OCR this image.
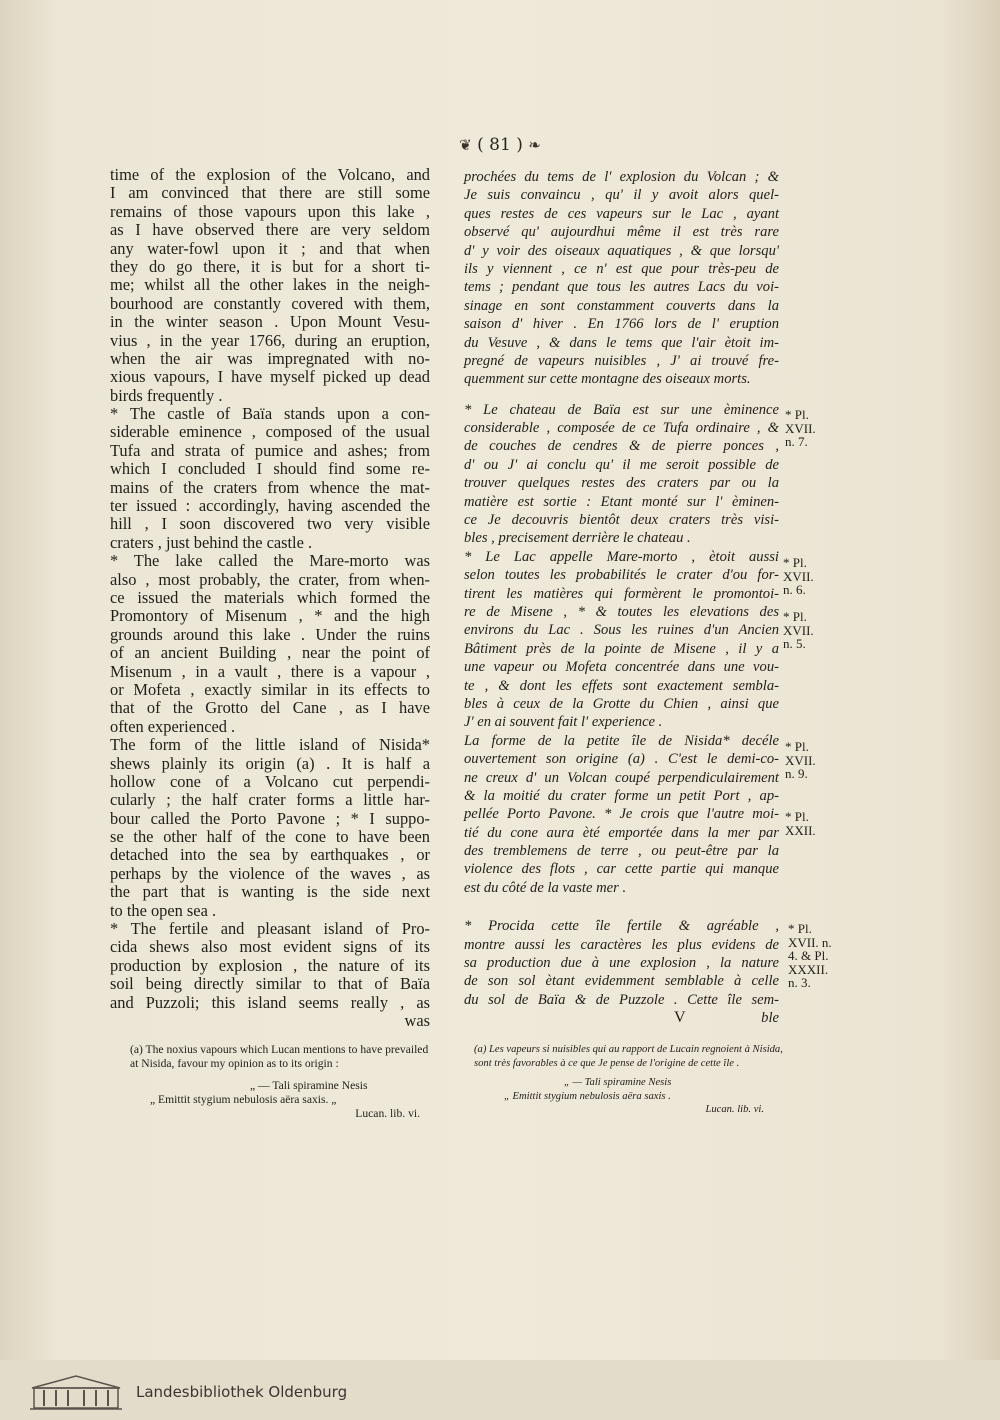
❦ ( 81 ) ❧
time of the explosion of the Volcano, and
I am convinced that there are still some
remains of those vapours upon this lake ,
as I have observed there are very seldom
any water-fowl upon it ; and that when
they do go there, it is but for a short ti-
me; whilst all the other lakes in the neigh-
bourhood are constantly covered with them,
in the winter season . Upon Mount Vesu-
vius , in the year 1766, during an eruption,
when the air was impregnated with no-
xious vapours, I have myself picked up dead
birds frequently .
* The castle of Baïa stands upon a con-
siderable eminence , composed of the usual
Tufa and strata of pumice and ashes; from
which I concluded I should find some re-
mains of the craters from whence the mat-
ter issued : accordingly, having ascended the
hill , I soon discovered two very visible
craters , just behind the castle .
* The lake called the Mare-morto was
also , most probably, the crater, from when-
ce issued the materials which formed the
Promontory of Misenum , * and the high
grounds around this lake . Under the ruins
of an ancient Building , near the point of
Misenum , in a vault , there is a vapour ,
or Mofeta , exactly similar in its effects to
that of the Grotto del Cane , as I have
often experienced .
The form of the little island of Nisida*
shews plainly its origin (a) . It is half a
hollow cone of a Volcano cut perpendi-
cularly ; the half crater forms a little har-
bour called the Porto Pavone ; * I suppo-
se the other half of the cone to have been
detached into the sea by earthquakes , or
perhaps by the violence of the waves , as
the part that is wanting is the side next
to the open sea .
* The fertile and pleasant island of Pro-
cida shews also most evident signs of its
production by explosion , the nature of its
soil being directly similar to that of Baïa
and Puzzoli; this island seems really , as
was
prochées du tems de l' explosion du Volcan ; &
Je suis convaincu , qu' il y avoit alors quel-
ques restes de ces vapeurs sur le Lac , ayant
observé qu' aujourdhui même il est très rare
d' y voir des oiseaux aquatiques , & que lorsqu'
ils y viennent , ce n' est que pour très-peu de
tems ; pendant que tous les autres Lacs du voi-
sinage en sont constamment couverts dans la
saison d' hiver . En 1766 lors de l' eruption
du Vesuve , & dans le tems que l'air ètoit im-
pregné de vapeurs nuisibles , J' ai trouvé fre-
quemment sur cette montagne des oiseaux morts.
* Le chateau de Baïa est sur une èminence
considerable , composée de ce Tufa ordinaire , &
de couches de cendres & de pierre ponces ,
d' ou J' ai conclu qu' il me seroit possible de
trouver quelques restes des craters par ou la
matière est sortie : Etant monté sur l' èminen-
ce Je decouvris bientôt deux craters très visi-
bles , precisement derrière le chateau .
* Le Lac appelle Mare-morto , ètoit aussi
selon toutes les probabilités le crater d'ou for-
tirent les matières qui formèrent le promontoi-
re de Misene , * & toutes les elevations des
environs du Lac . Sous les ruines d'un Ancien
Bâtiment près de la pointe de Misene , il y a
une vapeur ou Mofeta concentrée dans une vou-
te , & dont les effets sont exactement sembla-
bles à ceux de la Grotte du Chien , ainsi que
J' en ai souvent fait l' experience .
La forme de la petite île de Nisida* decéle
ouvertement son origine (a) . C'est le demi-co-
ne creux d' un Volcan coupé perpendiculairement
& la moitié du crater forme un petit Port , ap-
pellée Porto Pavone. * Je crois que l'autre moi-
tié du cone aura èté emportée dans la mer par
des tremblemens de terre , ou peut-être par la
violence des flots , car cette partie qui manque
est du côté de la vaste mer .
* Procida cette île fertile & agréable ,
montre aussi les caractères les plus evidens de
sa production due à une explosion , la nature
de son sol ètant evidemment semblable à celle
du sol de Baïa & de Puzzole . Cette île sem-
V	ble
* Pl.
XVII.
n. 7.
* Pl.
XVII.
n. 6.
* Pl.
XVII.
n. 5.
* Pl.
XVII.
n. 9.
* Pl.
XXII.
* Pl.
XVII. n.
4. & Pl.
XXXII.
n. 3.
(a) The noxius vapours which Lucan mentions to have prevailed at Nisida, favour my opinion as to its origin :
„ — Tali spiramine Nesis
„ Emittit stygium nebulosis aëra saxis. „
Lucan. lib. vi.
(a) Les vapeurs si nuisibles qui au rapport de Lucain regnoient à Nisida, sont très favorables à ce que Je pense de l'origine de cette île .
„ — Tali spiramine Nesis
„ Emittit stygium nebulosis aëra saxis .
Lucan. lib. vi.
Landesbibliothek Oldenburg
